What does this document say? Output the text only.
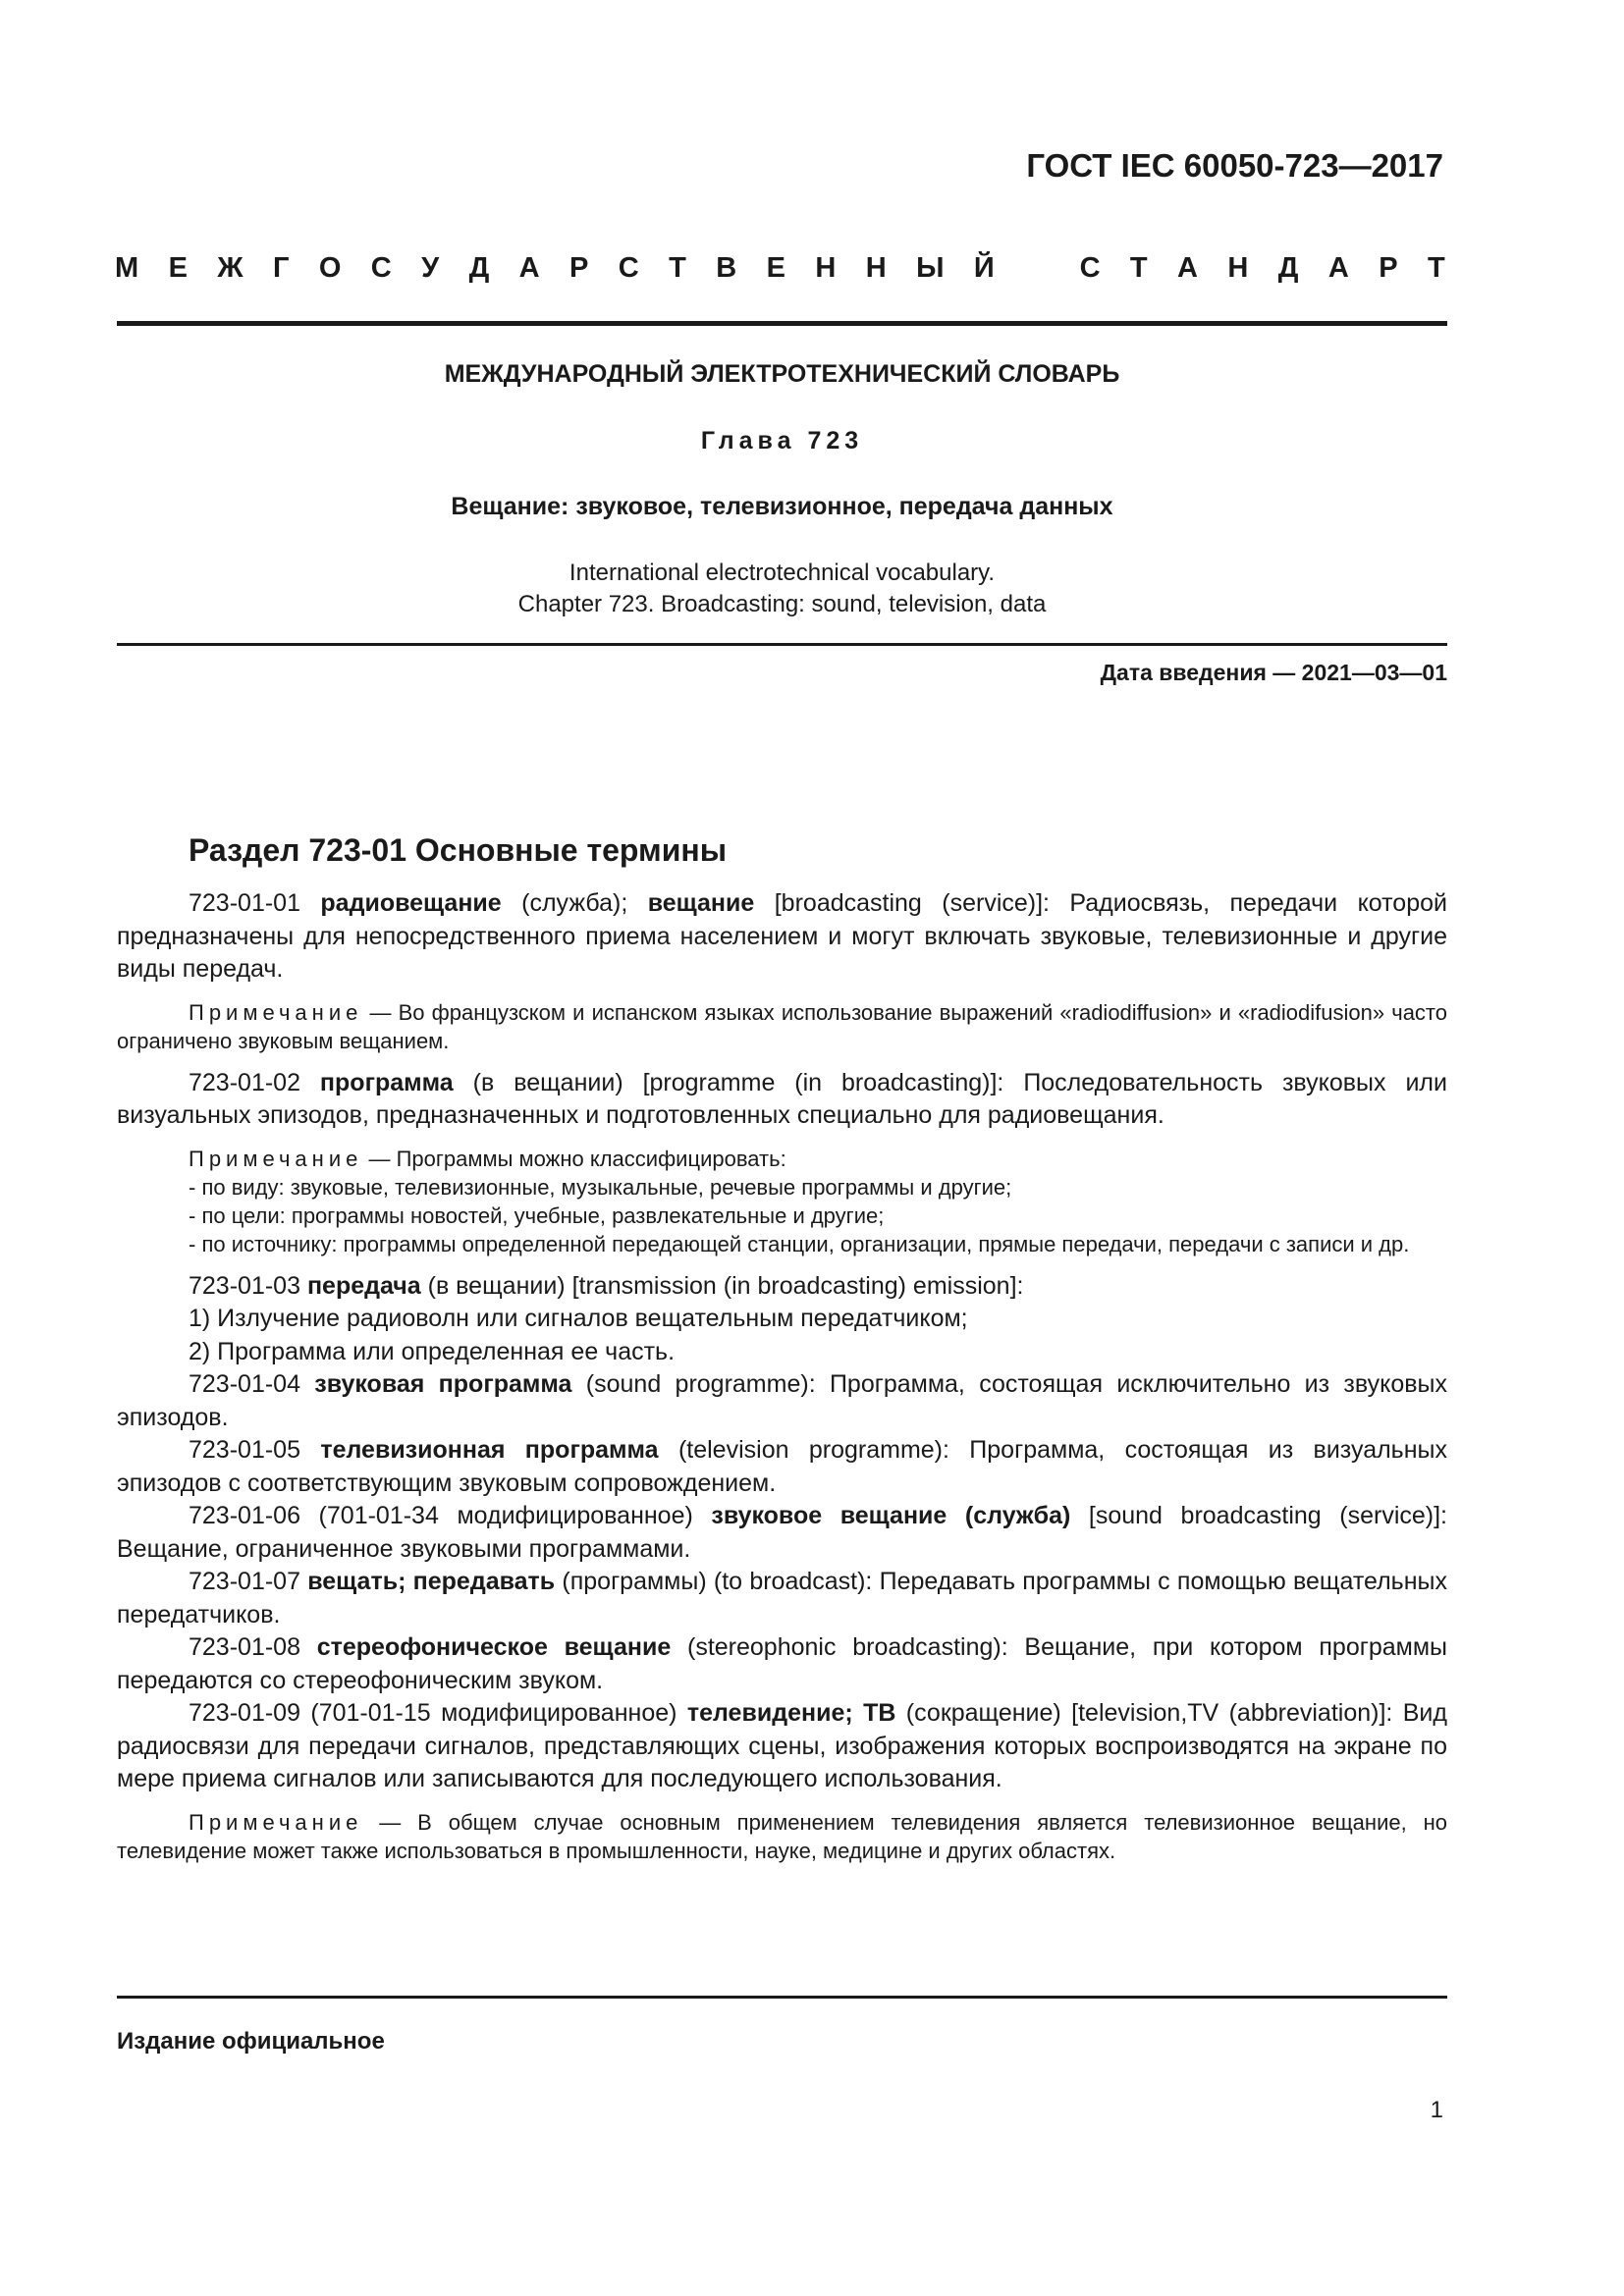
ГОСТ IEC 60050-723—2017
М Е Ж Г О С У Д А Р С Т В Е Н Н Ы Й	С Т А Н Д А Р Т
МЕЖДУНАРОДНЫЙ ЭЛЕКТРОТЕХНИЧЕСКИЙ СЛОВАРЬ
Глава 723
Вещание: звуковое, телевизионное, передача данных
International electrotechnical vocabulary.
Chapter 723. Broadcasting: sound, television, data
Дата введения — 2021—03—01
Раздел 723-01 Основные термины

723-01-01 радиовещание (служба); вещание [broadcasting (service)]: Радиосвязь, передачи которой предназначены для непосредственного приема населением и могут включать звуковые, телевизионные и другие виды передач.

Примечание — Во французском и испанском языках использование выражений «radiodiffusion» и «radiodifusion» часто ограничено звуковым вещанием.

723-01-02 программа (в вещании) [programme (in broadcasting)]: Последовательность звуковых или визуальных эпизодов, предназначенных и подготовленных специально для радиовещания.

Примечание — Программы можно классифицировать:
- по виду: звуковые, телевизионные, музыкальные, речевые программы и другие;
- по цели: программы новостей, учебные, развлекательные и другие;
- по источнику: программы определенной передающей станции, организации, прямые передачи, передачи с записи и др.

723-01-03 передача (в вещании) [transmission (in broadcasting) emission]:

1) Излучение радиоволн или сигналов вещательным передатчиком;

2) Программа или определенная ее часть.

723-01-04 звуковая программа (sound programme): Программа, состоящая исключительно из звуковых эпизодов.

723-01-05 телевизионная программа (television programme): Программа, состоящая из визуальных эпизодов с соответствующим звуковым сопровождением.

723-01-06 (701-01-34 модифицированное) звуковое вещание (служба) [sound broadcasting (service)]: Вещание, ограниченное звуковыми программами.

723-01-07 вещать; передавать (программы) (to broadcast): Передавать программы с помощью вещательных передатчиков.

723-01-08 стереофоническое вещание (stereophonic broadcasting): Вещание, при котором программы передаются со стереофоническим звуком.

723-01-09 (701-01-15 модифицированное) телевидение; ТВ (сокращение) [television,TV (abbreviation)]: Вид радиосвязи для передачи сигналов, представляющих сцены, изображения которых воспроизводятся на экране по мере приема сигналов или записываются для последующего использования.

Примечание — В общем случае основным применением телевидения является телевизионное вещание, но телевидение может также использоваться в промышленности, науке, медицине и других областях.

Издание официальное
1
